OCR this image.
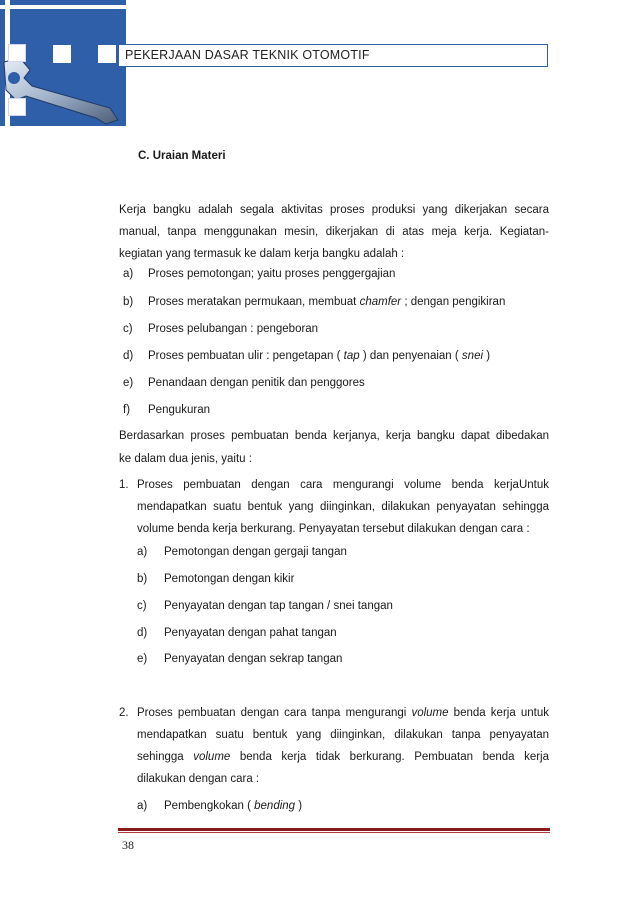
PEKERJAAN DASAR TEKNIK OTOMOTIF
C. Uraian Materi
Kerja bangku adalah segala aktivitas proses produksi yang dikerjakan secara
manual, tanpa menggunakan mesin, dikerjakan di atas meja kerja. Kegiatan-
kegiatan yang termasuk ke dalam kerja bangku adalah :
a) Proses pemotongan; yaitu proses penggergajian
b) Proses meratakan permukaan, membuat chamfer ; dengan pengikiran
c) Proses pelubangan : pengeboran
d) Proses pembuatan ulir : pengetapan ( tap ) dan penyenaian ( snei )
e) Penandaan dengan penitik dan penggores
f) Pengukuran
Berdasarkan proses pembuatan benda kerjanya, kerja bangku dapat dibedakan
ke dalam dua jenis, yaitu :
1. Proses pembuatan dengan cara mengurangi volume benda kerjaUntuk
mendapatkan suatu bentuk yang diinginkan, dilakukan penyayatan sehingga
volume benda kerja berkurang. Penyayatan tersebut dilakukan dengan cara :
a) Pemotongan dengan gergaji tangan
b) Pemotongan dengan kikir
c) Penyayatan dengan tap tangan / snei tangan
d) Penyayatan dengan pahat tangan
e) Penyayatan dengan sekrap tangan
2. Proses pembuatan dengan cara tanpa mengurangi volume benda kerja untuk
mendapatkan suatu bentuk yang diinginkan, dilakukan tanpa penyayatan
sehingga volume benda kerja tidak berkurang. Pembuatan benda kerja
dilakukan dengan cara :
a) Pembengkokan ( bending )
38
